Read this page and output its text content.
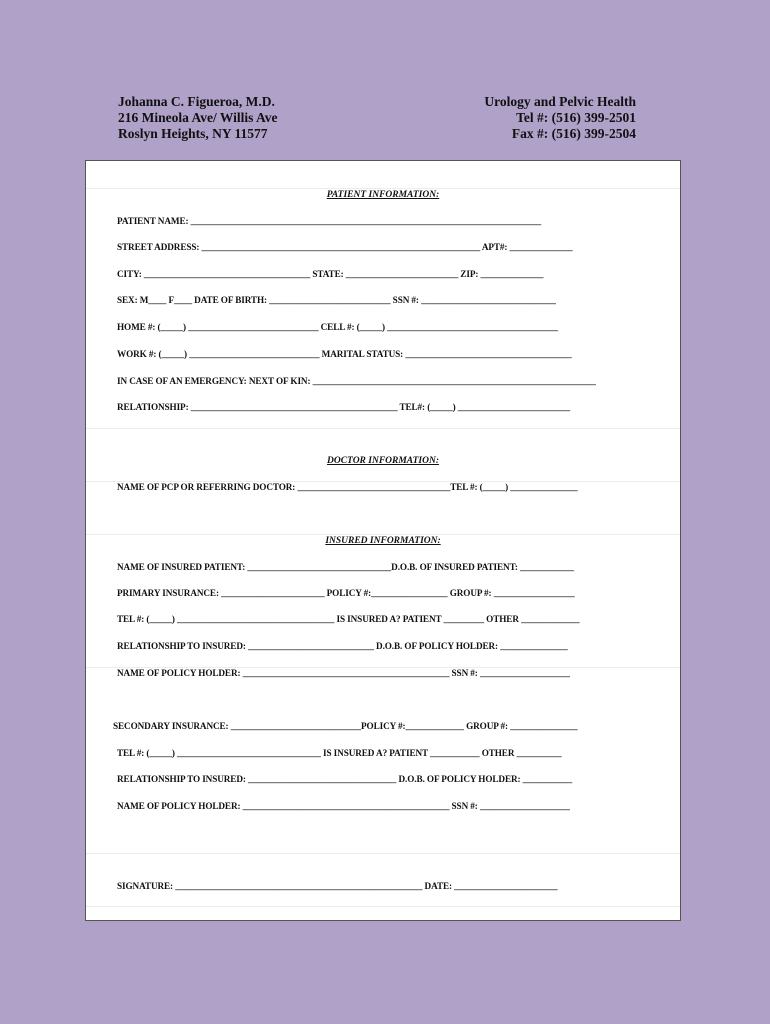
Johanna C. Figueroa, M.D.
216 Mineola Ave/ Willis Ave
Roslyn Heights, NY 11577
Urology and Pelvic Health
Tel #: (516) 399-2501
Fax #: (516) 399-2504
PATIENT INFORMATION:
PATIENT NAME: ______________________________________________________________________________
STREET ADDRESS: ______________________________________________________________ APT#: ______________
CITY: _____________________________________ STATE: _________________________ ZIP: ______________
SEX: M____ F____ DATE OF BIRTH: ___________________________ SSN #: ______________________________
HOME #: (_____) _____________________________ CELL #: (_____) ______________________________________
WORK #: (_____) _____________________________ MARITAL STATUS: _____________________________________
IN CASE OF AN EMERGENCY: NEXT OF KIN: _______________________________________________________________
RELATIONSHIP: ______________________________________________ TEL#: (_____) _________________________
DOCTOR INFORMATION:
NAME OF PCP OR REFERRING DOCTOR: __________________________________TEL #: (_____) _______________
INSURED INFORMATION:
NAME OF INSURED PATIENT: ________________________________D.O.B. OF INSURED PATIENT: ____________
PRIMARY INSURANCE: _______________________ POLICY #:_________________ GROUP #: __________________
TEL #: (_____) ___________________________________ IS INSURED A? PATIENT _________ OTHER _____________
RELATIONSHIP TO INSURED: ____________________________ D.O.B. OF POLICY HOLDER: _______________
NAME OF POLICY HOLDER: ______________________________________________ SSN #: ____________________
SECONDARY INSURANCE: _____________________________POLICY #:_____________ GROUP #: _______________
TEL #: (_____) ________________________________ IS INSURED A? PATIENT ___________ OTHER __________
RELATIONSHIP TO INSURED: _________________________________ D.O.B. OF POLICY HOLDER: ___________
NAME OF POLICY HOLDER: ______________________________________________ SSN #: ____________________
SIGNATURE: _______________________________________________________ DATE: _______________________
